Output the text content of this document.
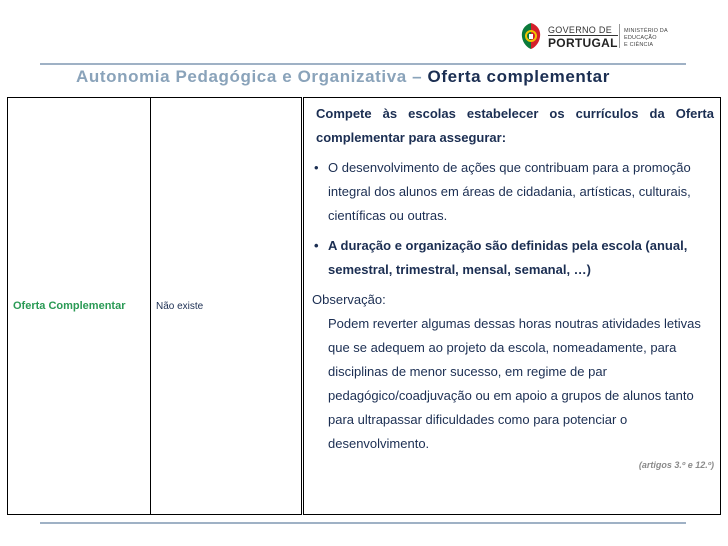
GOVERNO DE
PORTUGAL
MINISTÉRIO DA EDUCAÇÃO
E CIÊNCIA
Autonomia Pedagógica e Organizativa – Oferta complementar
Oferta Complementar	Não existe

Compete às escolas estabelecer os currículos da Oferta complementar para assegurar:
• O desenvolvimento de ações que contribuam para a promoção integral dos alunos em áreas de cidadania, artísticas, culturais, científicas ou outras.
• A duração e organização são definidas pela escola (anual, semestral, trimestral, mensal, semanal, …)
Observação:
Podem reverter algumas dessas horas noutras atividades letivas que se adequem ao projeto da escola, nomeadamente, para disciplinas de menor sucesso, em regime de par pedagógico/coadjuvação ou em apoio a grupos de alunos tanto para ultrapassar dificuldades como para potenciar o desenvolvimento.
(artigos 3.º e 12.º)
